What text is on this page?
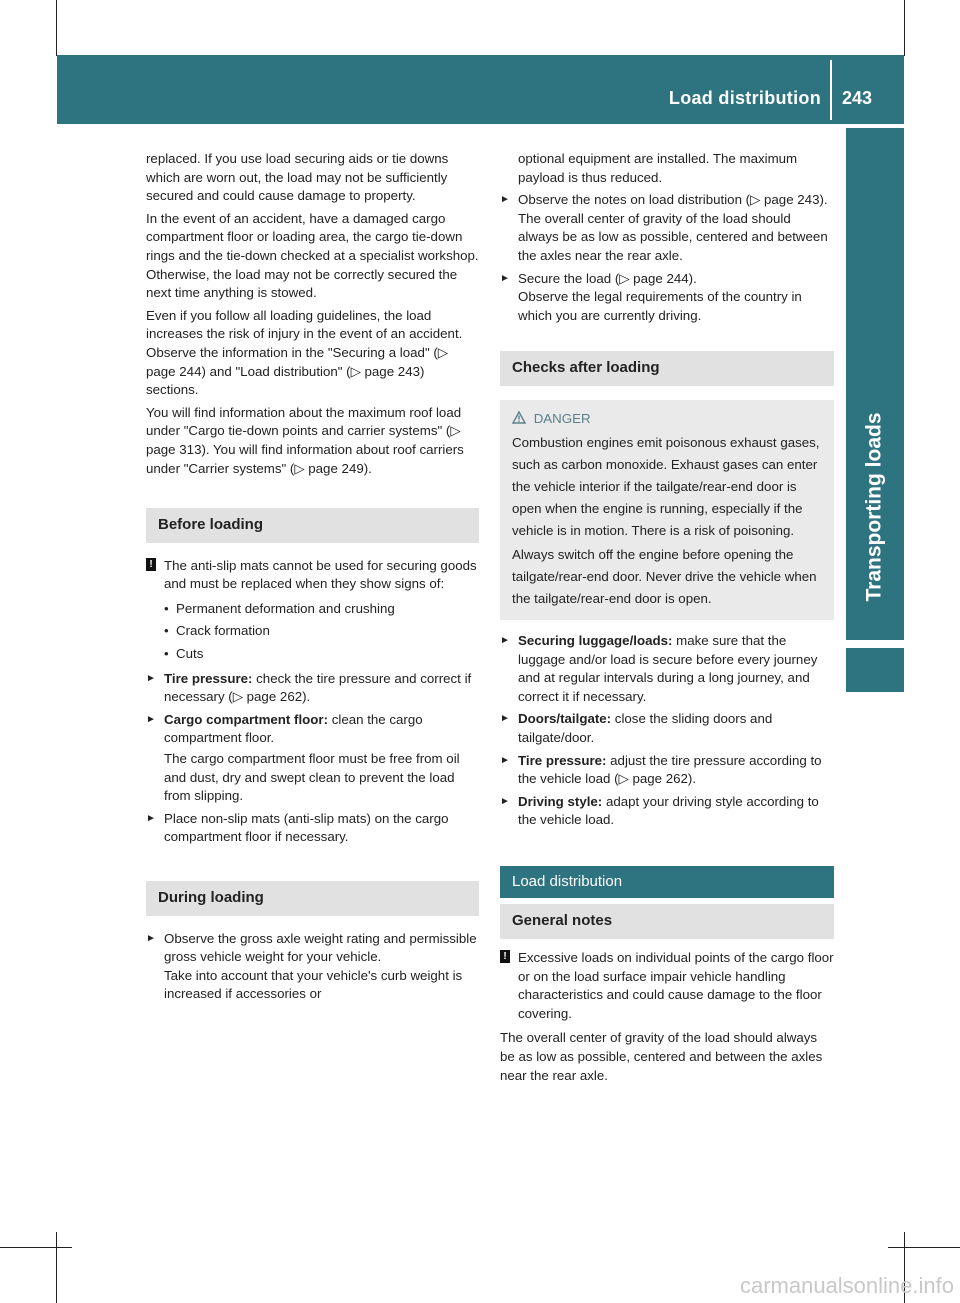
Load distribution 243
Transporting loads

replaced. If you use load securing aids or tie downs which are worn out, the load may not be sufficiently secured and could cause damage to property.

In the event of an accident, have a damaged cargo compartment floor or loading area, the cargo tie-down rings and the tie-down checked at a specialist workshop. Otherwise, the load may not be correctly secured the next time anything is stowed.

Even if you follow all loading guidelines, the load increases the risk of injury in the event of an accident. Observe the information in the "Securing a load" (▷ page 244) and "Load distribution" (▷ page 243) sections.

You will find information about the maximum roof load under "Cargo tie-down points and carrier systems" (▷ page 313). You will find information about roof carriers under "Carrier systems" (▷ page 249).

Before loading
! The anti-slip mats cannot be used for securing goods and must be replaced when they show signs of:
• Permanent deformation and crushing
• Crack formation
• Cuts
► Tire pressure: check the tire pressure and correct if necessary (▷ page 262).
► Cargo compartment floor: clean the cargo compartment floor.
The cargo compartment floor must be free from oil and dust, dry and swept clean to prevent the load from slipping.
► Place non-slip mats (anti-slip mats) on the cargo compartment floor if necessary.
During loading
► Observe the gross axle weight rating and permissible gross vehicle weight for your vehicle.
Take into account that your vehicle's curb weight is increased if accessories or

optional equipment are installed. The maximum payload is thus reduced.

► Observe the notes on load distribution (▷ page 243).
The overall center of gravity of the load should always be as low as possible, centered and between the axles near the rear axle.
► Secure the load (▷ page 244).
Observe the legal requirements of the country in which you are currently driving.
Checks after loading
DANGER
Combustion engines emit poisonous exhaust gases, such as carbon monoxide. Exhaust gases can enter the vehicle interior if the tailgate/rear-end door is open when the engine is running, especially if the vehicle is in motion. There is a risk of poisoning.
Always switch off the engine before opening the tailgate/rear-end door. Never drive the vehicle when the tailgate/rear-end door is open.
► Securing luggage/loads: make sure that the luggage and/or load is secure before every journey and at regular intervals during a long journey, and correct it if necessary.
► Doors/tailgate: close the sliding doors and tailgate/door.
► Tire pressure: adjust the tire pressure according to the vehicle load (▷ page 262).
► Driving style: adapt your driving style according to the vehicle load.
Load distribution
General notes
! Excessive loads on individual points of the cargo floor or on the load surface impair vehicle handling characteristics and could cause damage to the floor covering.

The overall center of gravity of the load should always be as low as possible, centered and between the axles near the rear axle.

carmanualsonline.info
